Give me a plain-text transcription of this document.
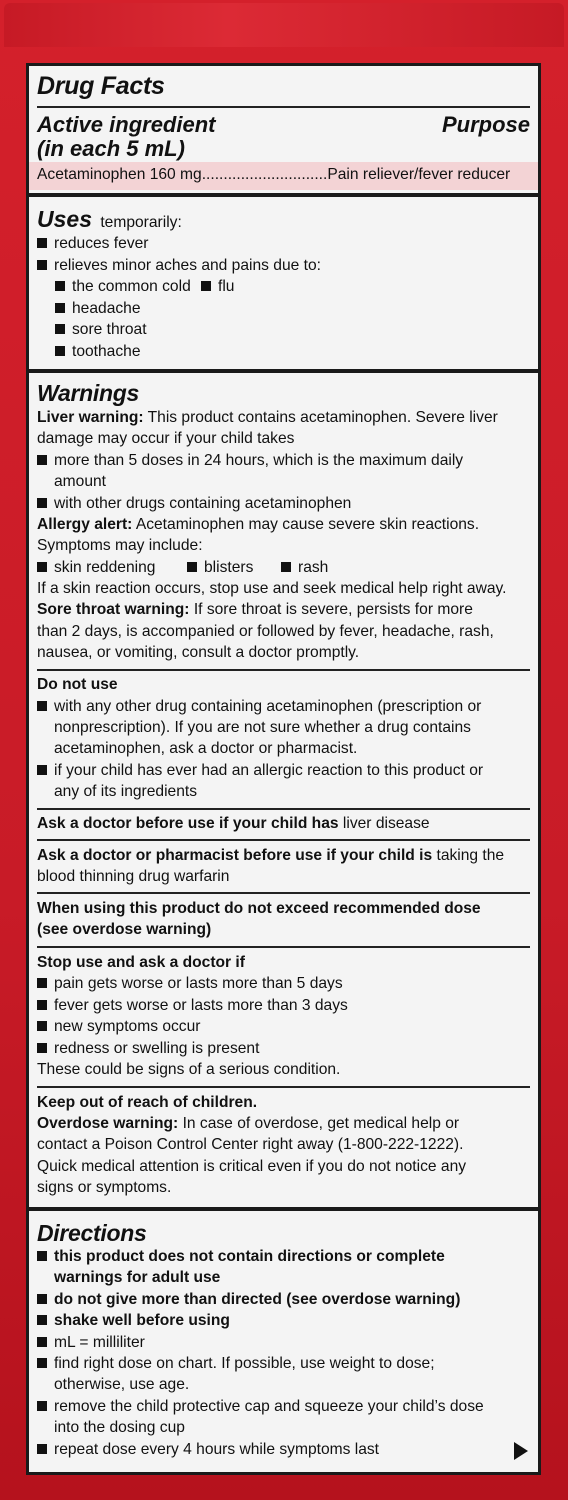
Drug Facts
Active ingredient
(in each 5 mL)
Purpose
Acetaminophen 160 mg.............................Pain reliever/fever reducer
Uses temporarily:
reduces fever
relieves minor aches and pains due to:
the common cold	flu
headache
sore throat
toothache
Warnings
Liver warning: This product contains acetaminophen. Severe liver
damage may occur if your child takes
more than 5 doses in 24 hours, which is the maximum daily
amount
with other drugs containing acetaminophen
Allergy alert: Acetaminophen may cause severe skin reactions.
Symptoms may include:
skin reddening	blisters	rash
If a skin reaction occurs, stop use and seek medical help right away.
Sore throat warning: If sore throat is severe, persists for more
than 2 days, is accompanied or followed by fever, headache, rash,
nausea, or vomiting, consult a doctor promptly.
Do not use
with any other drug containing acetaminophen (prescription or
nonprescription). If you are not sure whether a drug contains
acetaminophen, ask a doctor or pharmacist.
if your child has ever had an allergic reaction to this product or
any of its ingredients
Ask a doctor before use if your child has liver disease
Ask a doctor or pharmacist before use if your child is taking the
blood thinning drug warfarin
When using this product do not exceed recommended dose
(see overdose warning)
Stop use and ask a doctor if
pain gets worse or lasts more than 5 days
fever gets worse or lasts more than 3 days
new symptoms occur
redness or swelling is present
These could be signs of a serious condition.
Keep out of reach of children.
Overdose warning: In case of overdose, get medical help or
contact a Poison Control Center right away (1-800-222-1222).
Quick medical attention is critical even if you do not notice any
signs or symptoms.
Directions
this product does not contain directions or complete
warnings for adult use
do not give more than directed (see overdose warning)
shake well before using
mL = milliliter
find right dose on chart. If possible, use weight to dose;
otherwise, use age.
remove the child protective cap and squeeze your child’s dose
into the dosing cup
repeat dose every 4 hours while symptoms last
